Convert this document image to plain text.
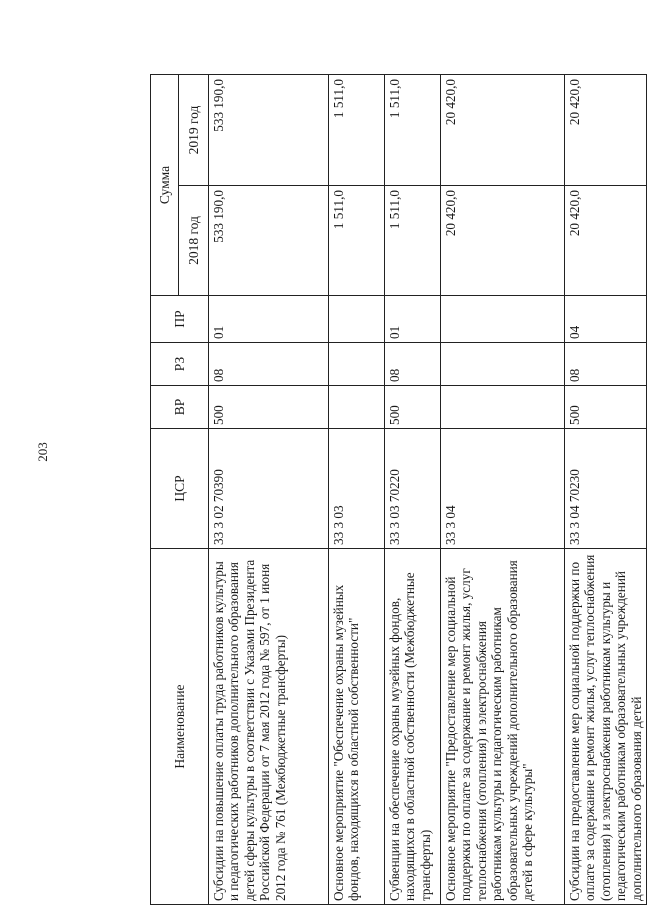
203
Наименование	ЦСР	ВР	РЗ	ПР	Сумма	
					2018 год	2019 год
Субсидии на повышение оплаты труда работников культуры и педагогических работников дополнительного образования детей сферы культуры в соответствии с Указами Президента Российской Федерации от 7 мая 2012 года № 597, от 1 июня 2012 года № 761 (Межбюджетные трансферты)	33 3 02 70390	500	08	01	533 190,0	533 190,0
Основное мероприятие "Обеспечение охраны музейных фондов, находящихся в областной собственности"	33 3 03				1 511,0	1 511,0
Субвенции на обеспечение охраны музейных фондов, находящихся в областной собственности (Межбюджетные трансферты)	33 3 03 70220	500	08	01	1 511,0	1 511,0
Основное мероприятие "Предоставление мер социальной поддержки по оплате за содержание и ремонт жилья, услуг теплоснабжения (отопления) и электроснабжения работникам культуры и педагогическим работникам образовательных учреждений дополнительного образования детей в сфере культуры"	33 3 04				20 420,0	20 420,0
Субсидии на предоставление мер социальной поддержки по оплате за содержание и ремонт жилья, услуг теплоснабжения (отопления) и электроснабжения работникам культуры и педагогическим работникам образовательных учреждений дополнительного образования детей	33 3 04 70230	500	08	04	20 420,0	20 420,0
